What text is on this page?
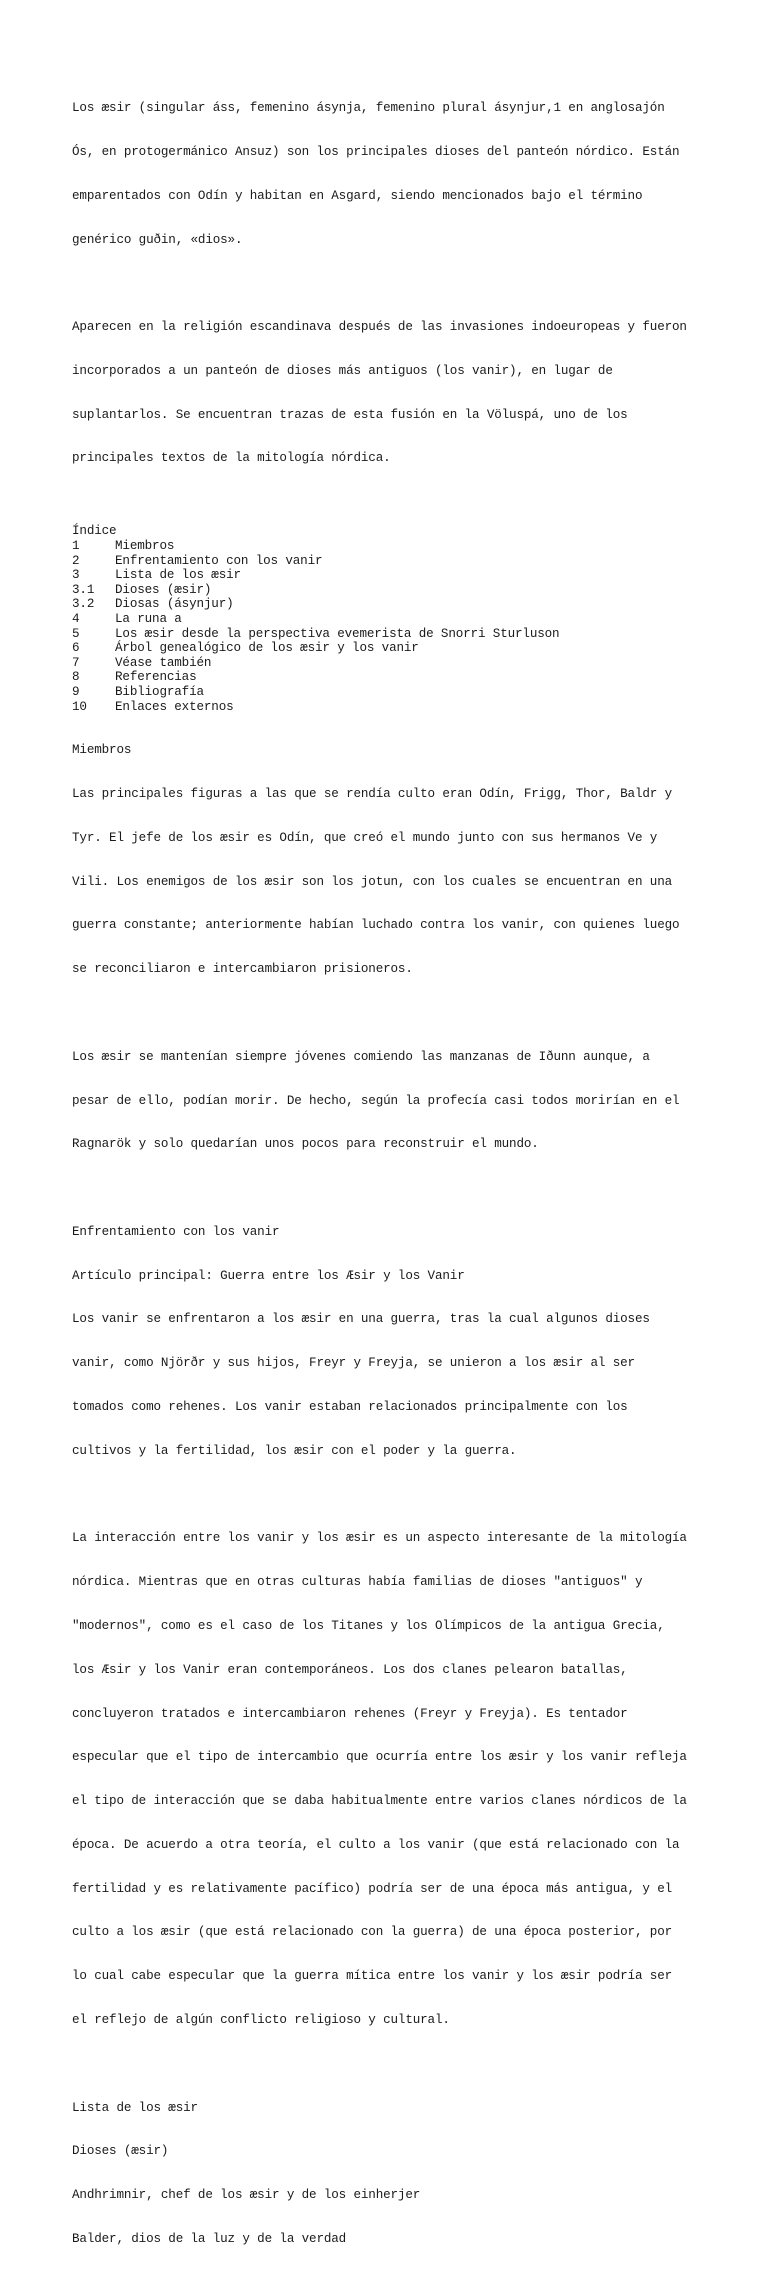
Los æsir (singular áss, femenino ásynja, femenino plural ásynjur,1 en anglosajón

Ós, en protogermánico Ansuz) son los principales dioses del panteón nórdico. Están

emparentados con Odín y habitan en Asgard, siendo mencionados bajo el término

genérico guðin, «dios».

Aparecen en la religión escandinava después de las invasiones indoeuropeas y fueron

incorporados a un panteón de dioses más antiguos (los vanir), en lugar de

suplantarlos. Se encuentran trazas de esta fusión en la Völuspá, uno de los

principales textos de la mitología nórdica.

Índice
1	Miembros
2	Enfrentamiento con los vanir
3	Lista de los æsir
3.1	Dioses (æsir)
3.2	Diosas (ásynjur)
4	La runa a
5	Los æsir desde la perspectiva evemerista de Snorri Sturluson
6	Árbol genealógico de los æsir y los vanir
7	Véase también
8	Referencias
9	Bibliografía
10	Enlaces externos

Miembros

Las principales figuras a las que se rendía culto eran Odín, Frigg, Thor, Baldr y

Tyr. El jefe de los æsir es Odín, que creó el mundo junto con sus hermanos Ve y

Vili. Los enemigos de los æsir son los jotun, con los cuales se encuentran en una

guerra constante; anteriormente habían luchado contra los vanir, con quienes luego

se reconciliaron e intercambiaron prisioneros.

Los æsir se mantenían siempre jóvenes comiendo las manzanas de Iðunn aunque, a

pesar de ello, podían morir. De hecho, según la profecía casi todos morirían en el

Ragnarök y solo quedarían unos pocos para reconstruir el mundo.

Enfrentamiento con los vanir

Artículo principal: Guerra entre los Æsir y los Vanir

Los vanir se enfrentaron a los æsir en una guerra, tras la cual algunos dioses

vanir, como Njörðr y sus hijos, Freyr y Freyja, se unieron a los æsir al ser

tomados como rehenes. Los vanir estaban relacionados principalmente con los

cultivos y la fertilidad, los æsir con el poder y la guerra.

La interacción entre los vanir y los æsir es un aspecto interesante de la mitología

nórdica. Mientras que en otras culturas había familias de dioses "antiguos" y

"modernos", como es el caso de los Titanes y los Olímpicos de la antigua Grecia,

los Æsir y los Vanir eran contemporáneos. Los dos clanes pelearon batallas,

concluyeron tratados e intercambiaron rehenes (Freyr y Freyja). Es tentador

especular que el tipo de intercambio que ocurría entre los æsir y los vanir refleja

el tipo de interacción que se daba habitualmente entre varios clanes nórdicos de la

época. De acuerdo a otra teoría, el culto a los vanir (que está relacionado con la

fertilidad y es relativamente pacífico) podría ser de una época más antigua, y el

culto a los æsir (que está relacionado con la guerra) de una época posterior, por

lo cual cabe especular que la guerra mítica entre los vanir y los æsir podría ser

el reflejo de algún conflicto religioso y cultural.

Lista de los æsir

Dioses (æsir)

Andhrimnir, chef de los æsir y de los einherjer

Balder, dios de la luz y de la verdad
